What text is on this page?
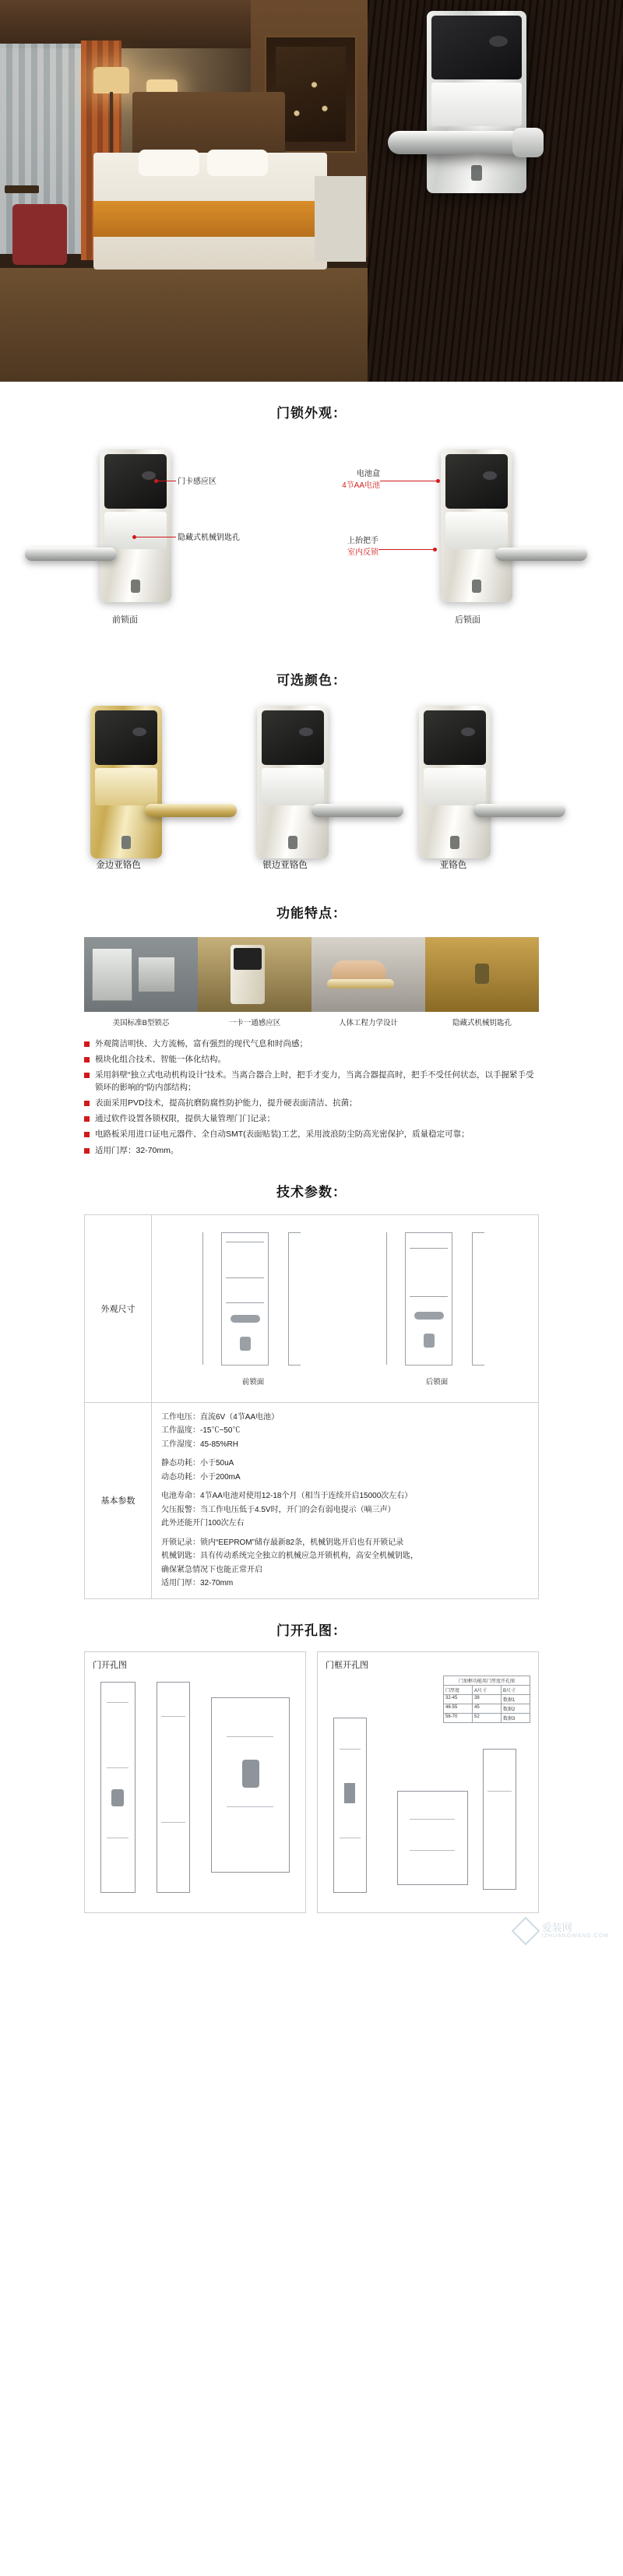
门锁外观：
门卡感应区
隐藏式机械钥匙孔
前锁面
电池盒
4节AA电池
上抬把手
室内反锁
后锁面
可选颜色：
金边亚铬色	银边亚铬色	亚铬色
功能特点：
美国标准B型锁芯	一卡一通感应区	人体工程力学设计	隐藏式机械钥匙孔
外观简洁明快、大方流畅，富有强烈的现代气息和时尚感；
模块化组合技术、智能一体化结构。
采用斜壁“独立式电动机构设计”技术。当离合器合上时，把手才变力，当离合器提高时，把手不受任何状态，以手握紧手受锁环的影响的“防内部结构；
表面采用PVD技术，提高抗磨防腐性防护能力，提升硬表面清洁、抗菌；
通过软件设置各锁权限，提供大量管理门门记录；
电路板采用进口证电元器件、全自动SMT(表面贴装)工艺，采用波浪防尘防高光密保护，质量稳定可靠；
适用门厚：32-70mm。
技术参数：
外观尺寸
前锁面	后锁面
基本参数
工作电压：直流6V（4节AA电池）
工作温度：-15℃~50℃
工作湿度：45-85%RH
静态功耗：小于50uA
动态功耗：小于200mA
电池寿命：4节AA电池对使用12-18个月（相当于连续开启15000次左右）
欠压报警：当工作电压低于4.5V时，开门的会有弱电提示（嘀三声）
此外还能开门100次左右
开锁记录：锁内“EEPROM”储存最新82条，机械钥匙开启也有开锁记录
机械钥匙：具有传动系统完全独立的机械应急开锁机构，高安全机械钥匙，
确保紧急情况下也能正常开启
适用门厚：32-70mm
门开孔图：
门开孔图	门框开孔图
门加框功能用门厚度开孔图
门厚度	A尺寸	B尺寸
32-45	38	数据1
46-55	45	数据2
56-70	52	数据3
爱装网
IZHUANGWANG.COM
